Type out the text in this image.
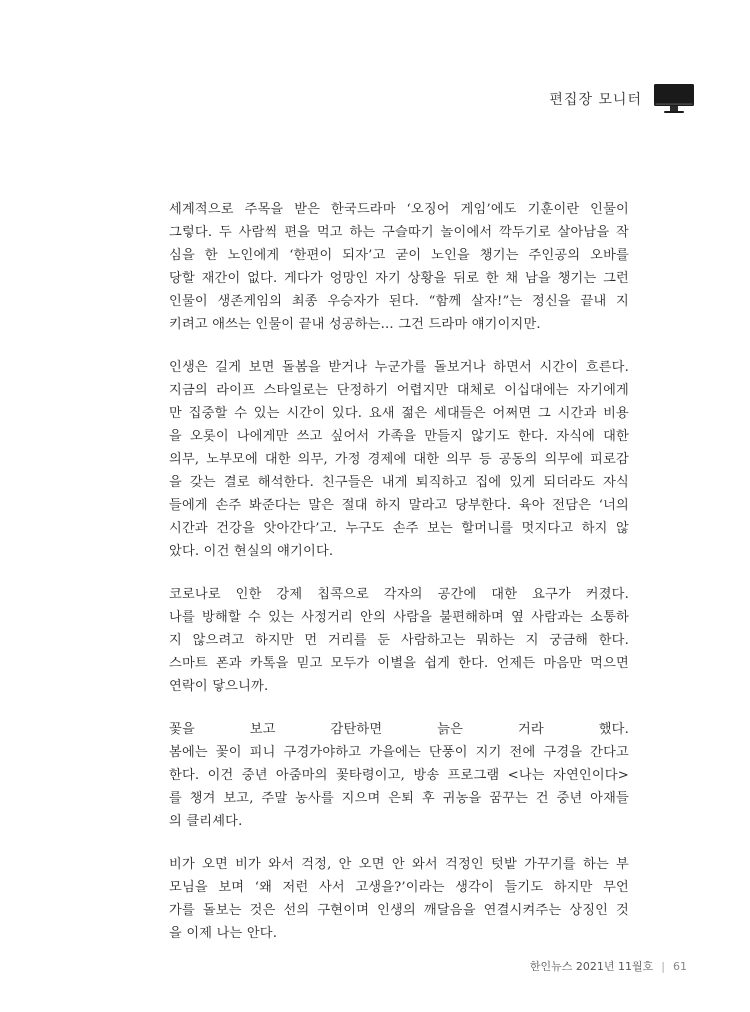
편집장 모니터
세계적으로 주목을 받은 한국드라마 ‘오징어 게임’에도 기훈이란 인물이
그렇다. 두 사람씩 편을 먹고 하는 구슬따기 놀이에서 깍두기로 살아남을 작
심을 한 노인에게 ‘한편이 되자’고 굳이 노인을 챙기는 주인공의 오바를
당할 재간이 없다. 게다가 엉망인 자기 상황을 뒤로 한 채 남을 챙기는 그런
인물이 생존게임의 최종 우승자가 된다. “함께 살자!”는 정신을 끝내 지
키려고 애쓰는 인물이 끝내 성공하는... 그건 드라마 얘기이지만.
인생은 길게 보면 돌봄을 받거나 누군가를 돌보거나 하면서 시간이 흐른다.
지금의 라이프 스타일로는 단정하기 어렵지만 대체로 이십대에는 자기에게
만 집중할 수 있는 시간이 있다. 요새 젊은 세대들은 어쩌면 그 시간과 비용
을 오롯이 나에게만 쓰고 싶어서 가족을 만들지 않기도 한다. 자식에 대한
의무, 노부모에 대한 의무, 가정 경제에 대한 의무 등 공동의 의무에 피로감
을 갖는 결로 해석한다. 친구들은 내게 퇴직하고 집에 있게 되더라도 자식
들에게 손주 봐준다는 말은 절대 하지 말라고 당부한다. 육아 전담은 ‘너의
시간과 건강을 앗아간다’고. 누구도 손주 보는 할머니를 멋지다고 하지 않
았다. 이건 현실의 얘기이다.
코로나로 인한 강제 칩콕으로 각자의 공간에 대한 요구가 커졌다.
나를 방해할 수 있는 사정거리 안의 사람을 불편해하며 옆 사람과는 소통하
지 않으려고 하지만 먼 거리를 둔 사람하고는 뭐하는 지 궁금해 한다.
스마트 폰과 카톡을 믿고 모두가 이별을 쉽게 한다. 언제든 마음만 먹으면
연락이 닿으니까.
꽃을 보고 감탄하면 늙은 거라 했다.
봄에는 꽃이 피니 구경가야하고 가을에는 단풍이 지기 전에 구경을 간다고
한다. 이건 중년 아줌마의 꽃타령이고, 방송 프로그램 <나는 자연인이다>
를 챙겨 보고, 주말 농사를 지으며 은퇴 후 귀농을 꿈꾸는 건 중년 아재들
의 클리셰다.
비가 오면 비가 와서 걱정, 안 오면 안 와서 걱정인 텃밭 가꾸기를 하는 부
모님을 보며 ‘왜 저런 사서 고생을?’이라는 생각이 들기도 하지만 무언
가를 돌보는 것은 선의 구현이며 인생의 깨달음을 연결시켜주는 상징인 것
을 이제 나는 안다.
한인뉴스 2021년 11월호 | 61
